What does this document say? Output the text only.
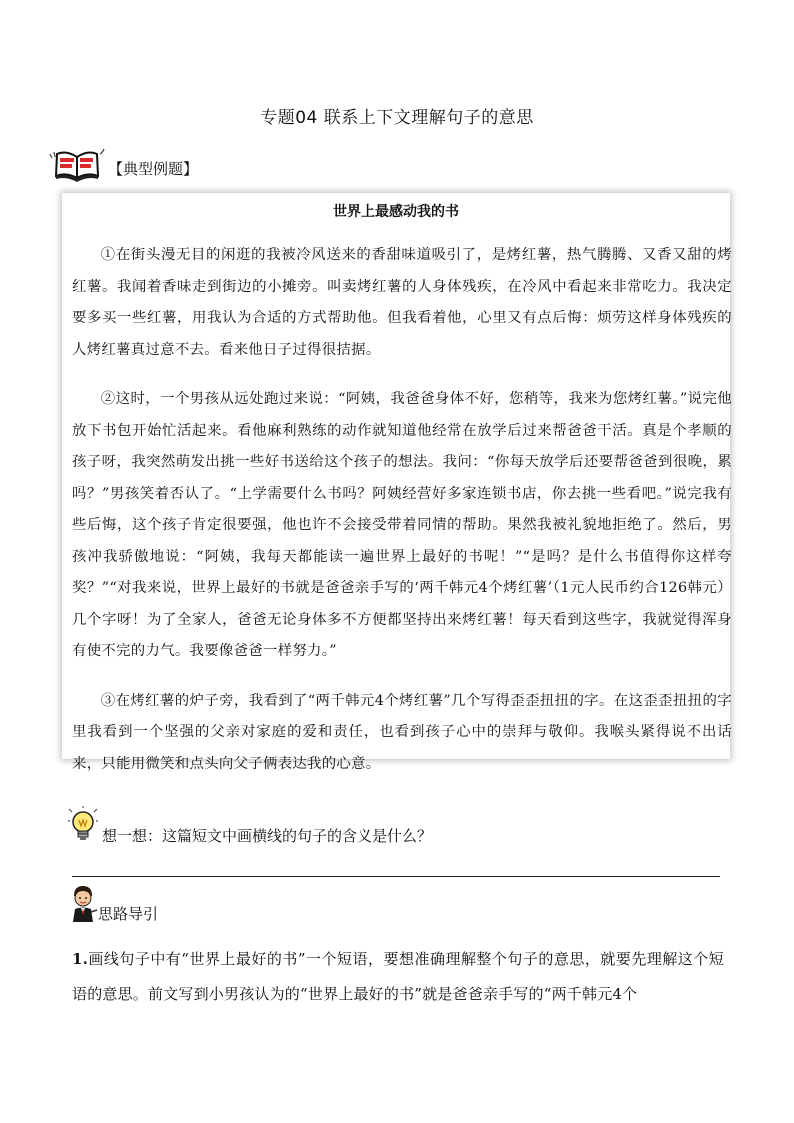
专题04 联系上下文理解句子的意思
【典型例题】
世界上最感动我的书

①在街头漫无目的闲逛的我被冷风送来的香甜味道吸引了，是烤红薯，热气腾腾、又香又甜的烤红薯。我闻着香味走到街边的小摊旁。叫卖烤红薯的人身体残疾，在冷风中看起来非常吃力。我决定要多买一些红薯，用我认为合适的方式帮助他。但我看着他，心里又有点后悔：烦劳这样身体残疾的人烤红薯真过意不去。看来他日子过得很拮据。

②这时，一个男孩从远处跑过来说：“阿姨，我爸爸身体不好，您稍等，我来为您烤红薯。”说完他放下书包开始忙活起来。看他麻利熟练的动作就知道他经常在放学后过来帮爸爸干活。真是个孝顺的孩子呀，我突然萌发出挑一些好书送给这个孩子的想法。我问：“你每天放学后还要帮爸爸到很晚，累吗？”男孩笑着否认了。“上学需要什么书吗？阿姨经营好多家连锁书店，你去挑一些看吧。”说完我有些后悔，这个孩子肯定很要强，他也许不会接受带着同情的帮助。果然我被礼貌地拒绝了。然后，男孩冲我骄傲地说：“阿姨，我每天都能读一遍世界上最好的书呢！”“是吗？是什么书值得你这样夸奖？”“对我来说，世界上最好的书就是爸爸亲手写的‘两千韩元4个烤红薯’（1元人民币约合126韩元）几个字呀！为了全家人，爸爸无论身体多不方便都坚持出来烤红薯！每天看到这些字，我就觉得浑身有使不完的力气。我要像爸爸一样努力。”

③在烤红薯的炉子旁，我看到了“两千韩元4个烤红薯”几个写得歪歪扭扭的字。在这歪歪扭扭的字里我看到一个坚强的父亲对家庭的爱和责任，也看到孩子心中的崇拜与敬仰。我喉头紧得说不出话来，只能用微笑和点头向父子俩表达我的心意。

想一想：这篇短文中画横线的句子的含义是什么？
思路导引
1.画线句子中有“世界上最好的书”一个短语，要想准确理解整个句子的意思，就要先理解这个短语的意思。前文写到小男孩认为的“世界上最好的书”就是爸爸亲手写的“两千韩元4个
